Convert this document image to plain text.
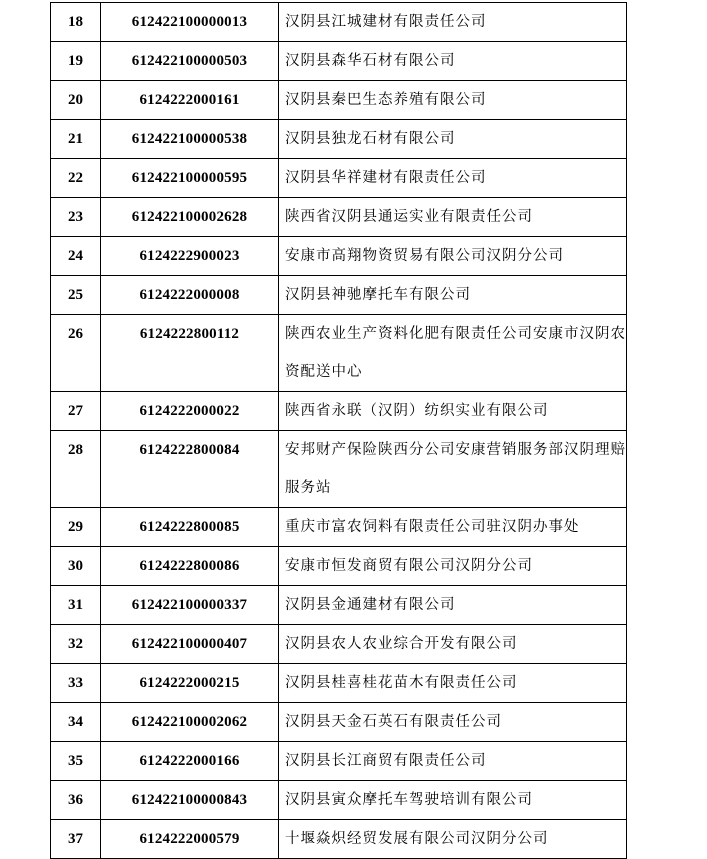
18	612422100000013	汉阴县江城建材有限责任公司
19	612422100000503	汉阴县森华石材有限公司
20	6124222000161	汉阴县秦巴生态养殖有限公司
21	612422100000538	汉阴县独龙石材有限公司
22	612422100000595	汉阴县华祥建材有限责任公司
23	612422100002628	陕西省汉阴县通运实业有限责任公司
24	6124222900023	安康市高翔物资贸易有限公司汉阴分公司
25	6124222000008	汉阴县神驰摩托车有限公司
26	6124222800112	陕西农业生产资料化肥有限责任公司安康市汉阴农资配送中心
27	6124222000022	陕西省永联（汉阴）纺织实业有限公司
28	6124222800084	安邦财产保险陕西分公司安康营销服务部汉阴理赔服务站
29	6124222800085	重庆市富农饲料有限责任公司驻汉阴办事处
30	6124222800086	安康市恒发商贸有限公司汉阴分公司
31	612422100000337	汉阴县金通建材有限公司
32	612422100000407	汉阴县农人农业综合开发有限公司
33	6124222000215	汉阴县桂喜桂花苗木有限责任公司
34	612422100002062	汉阴县天金石英石有限责任公司
35	6124222000166	汉阴县长江商贸有限责任公司
36	612422100000843	汉阴县寅众摩托车驾驶培训有限公司
37	6124222000579	十堰焱炽经贸发展有限公司汉阴分公司
